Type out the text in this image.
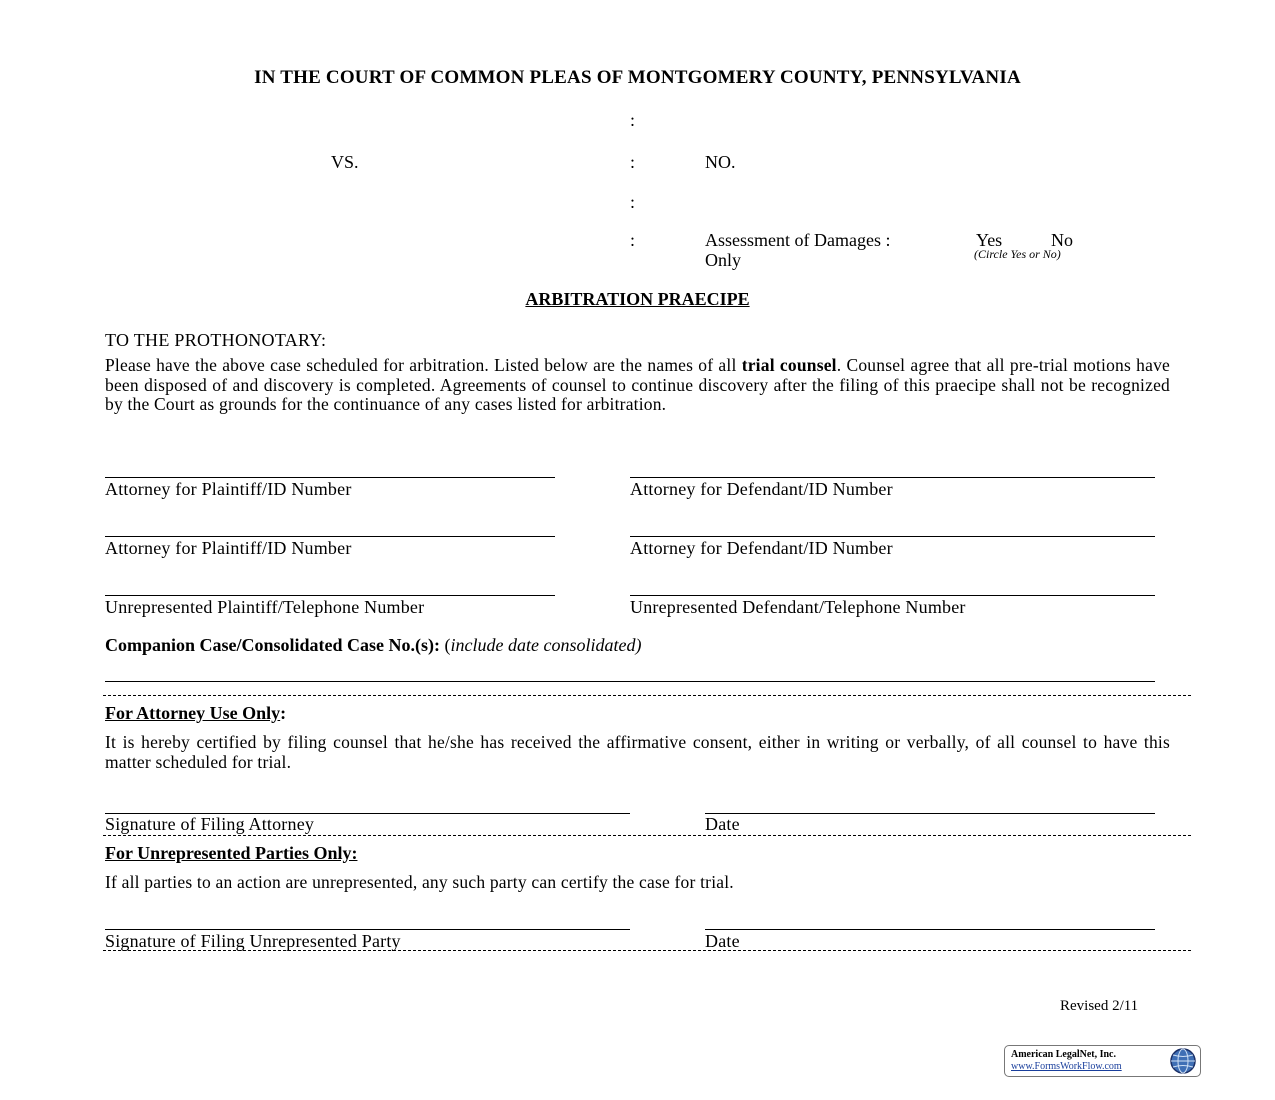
IN THE COURT OF COMMON PLEAS OF MONTGOMERY COUNTY, PENNSYLVANIA
:
VS.	:	NO.
:
:	Assessment of Damages :
Only
Yes	No
(Circle Yes or No)
ARBITRATION PRAECIPE
TO THE PROTHONOTARY:
Please have the above case scheduled for arbitration. Listed below are the names of all trial counsel. Counsel agree that all pre-trial motions have been disposed of and discovery is completed. Agreements of counsel to continue discovery after the filing of this praecipe shall not be recognized by the Court as grounds for the continuance of any cases listed for arbitration.
Attorney for Plaintiff/ID Number	Attorney for Defendant/ID Number
Attorney for Plaintiff/ID Number	Attorney for Defendant/ID Number
Unrepresented Plaintiff/Telephone Number	Unrepresented Defendant/Telephone Number
Companion Case/Consolidated Case No.(s): (include date consolidated)
For Attorney Use Only:
It is hereby certified by filing counsel that he/she has received the affirmative consent, either in writing or verbally, of all counsel to have this matter scheduled for trial.
Signature of Filing Attorney	Date
For Unrepresented Parties Only:
If all parties to an action are unrepresented, any such party can certify the case for trial.
Signature of Filing Unrepresented Party	Date
Revised 2/11
American LegalNet, Inc.
www.FormsWorkFlow.com
